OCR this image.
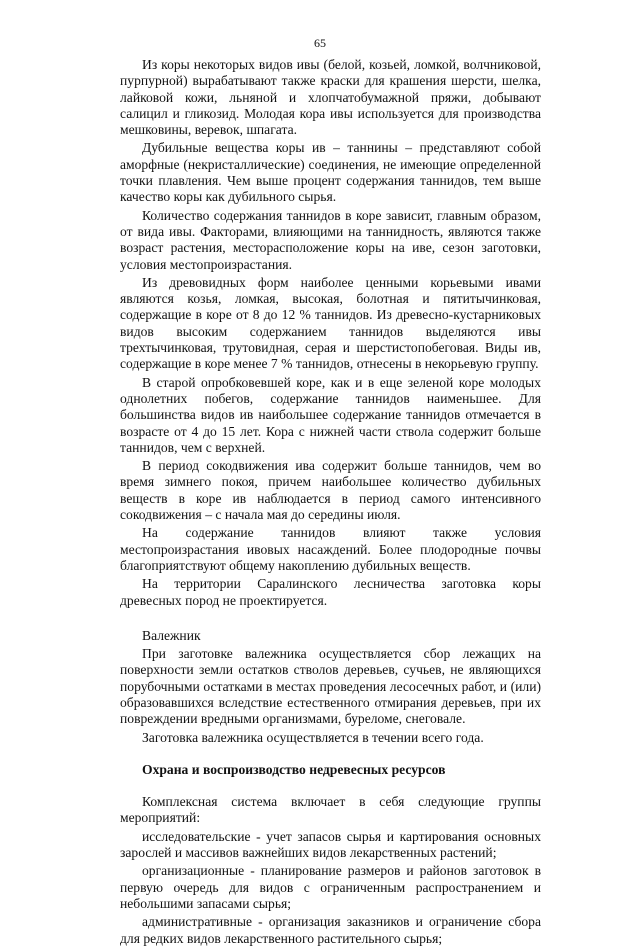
65

Из коры некоторых видов ивы (белой, козьей, ломкой, волчниковой, пурпурной) вырабатывают также краски для крашения шерсти, шелка, лайковой кожи, льняной и хлопчатобумажной пряжи, добывают салицил и гликозид. Молодая кора ивы используется для производства мешковины, веревок, шпагата.

Дубильные вещества коры ив – таннины – представляют собой аморфные (некристаллические) соединения, не имеющие определенной точки плавления. Чем выше процент содержания таннидов, тем выше качество коры как дубильного сырья.

Количество содержания таннидов в коре зависит, главным образом, от вида ивы. Факторами, влияющими на таннидность, являются также возраст растения, месторасположение коры на иве, сезон заготовки, условия местопроизрастания.

Из древовидных форм наиболее ценными корьевыми ивами являются козья, ломкая, высокая, болотная и пятитычинковая, содержащие в коре от 8 до 12 % таннидов. Из древесно-кустарниковых видов высоким содержанием таннидов выделяются ивы трехтычинковая, трутовидная, серая и шерстистопобеговая. Виды ив, содержащие в коре менее 7 % таннидов, отнесены в некорьевую группу.

В старой опробковевшей коре, как и в еще зеленой коре молодых однолетних побегов, содержание таннидов наименьшее. Для большинства видов ив наибольшее содержание таннидов отмечается в возрасте от 4 до 15 лет. Кора с нижней части ствола содержит больше таннидов, чем с верхней.

В период сокодвижения ива содержит больше таннидов, чем во время зимнего покоя, причем наибольшее количество дубильных веществ в коре ив наблюдается в период самого интенсивного сокодвижения – с начала мая до середины июля.

На содержание таннидов влияют также условия местопроизрастания ивовых насаждений. Более плодородные почвы благоприятствуют общему накоплению дубильных веществ.

На территории Саралинского лесничества заготовка коры древесных пород не проектируется.

Валежник

При заготовке валежника осуществляется сбор лежащих на поверхности земли остатков стволов деревьев, сучьев, не являющихся порубочными остатками в местах проведения лесосечных работ, и (или) образовавшихся вследствие естественного отмирания деревьев, при их повреждении вредными организмами, буреломе, снеговале.

Заготовка валежника осуществляется в течении всего года.

Охрана и воспроизводство недревесных ресурсов

Комплексная система включает в себя следующие группы мероприятий:

исследовательские - учет запасов сырья и картирования основных зарослей и массивов важнейших видов лекарственных растений;

организационные - планирование размеров и районов заготовок в первую очередь для видов с ограниченным распространением и небольшими запасами сырья;

административные - организация заказников и ограничение сбора для редких видов лекарственного растительного сырья;
